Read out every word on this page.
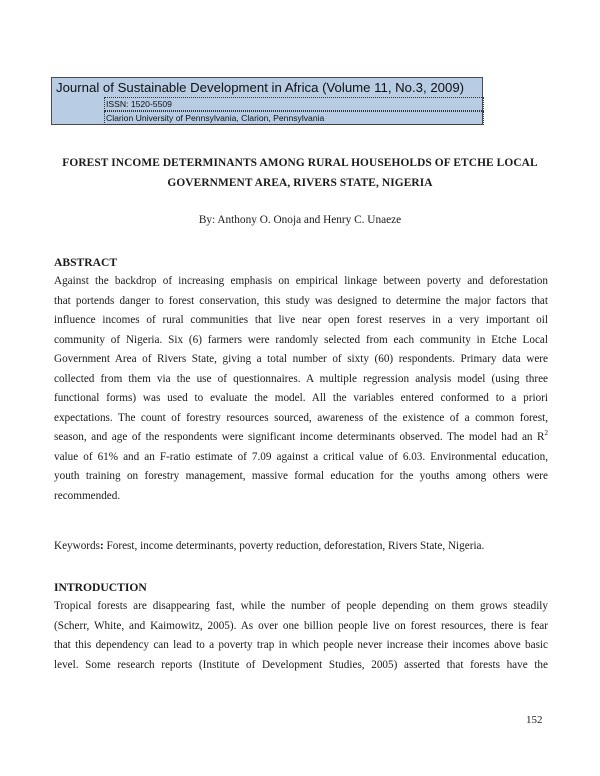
Journal of Sustainable Development in Africa (Volume 11, No.3, 2009)
ISSN: 1520-5509
Clarion University of Pennsylvania, Clarion, Pennsylvania
FOREST INCOME DETERMINANTS AMONG RURAL HOUSEHOLDS OF ETCHE LOCAL
GOVERNMENT AREA, RIVERS STATE, NIGERIA
By: Anthony O. Onoja and Henry C. Unaeze
ABSTRACT
Against the backdrop of increasing emphasis on empirical linkage between poverty and deforestation
that portends danger to forest conservation, this study was designed to determine the major factors that
influence incomes of rural communities that live near open forest reserves in a very important oil
community of Nigeria. Six (6) farmers were randomly selected from each community in Etche Local
Government Area of Rivers State, giving a total number of sixty (60) respondents. Primary data were
collected from them via the use of questionnaires. A multiple regression analysis model (using three
functional forms) was used to evaluate the model. All the variables entered conformed to a priori
expectations. The count of forestry resources sourced, awareness of the existence of a common forest,
season, and age of the respondents were significant income determinants observed. The model had an $R^2$
value of 61% and an F-ratio estimate of 7.09 against a critical value of 6.03. Environmental education,
youth training on forestry management, massive formal education for the youths among others were
recommended.
Keywords: Forest, income determinants, poverty reduction, deforestation, Rivers State, Nigeria.
INTRODUCTION
Tropical forests are disappearing fast, while the number of people depending on them grows steadily
(Scherr, White, and Kaimowitz, 2005). As over one billion people live on forest resources, there is fear
that this dependency can lead to a poverty trap in which people never increase their incomes above basic
level. Some research reports (Institute of Development Studies, 2005) asserted that forests have the
152
